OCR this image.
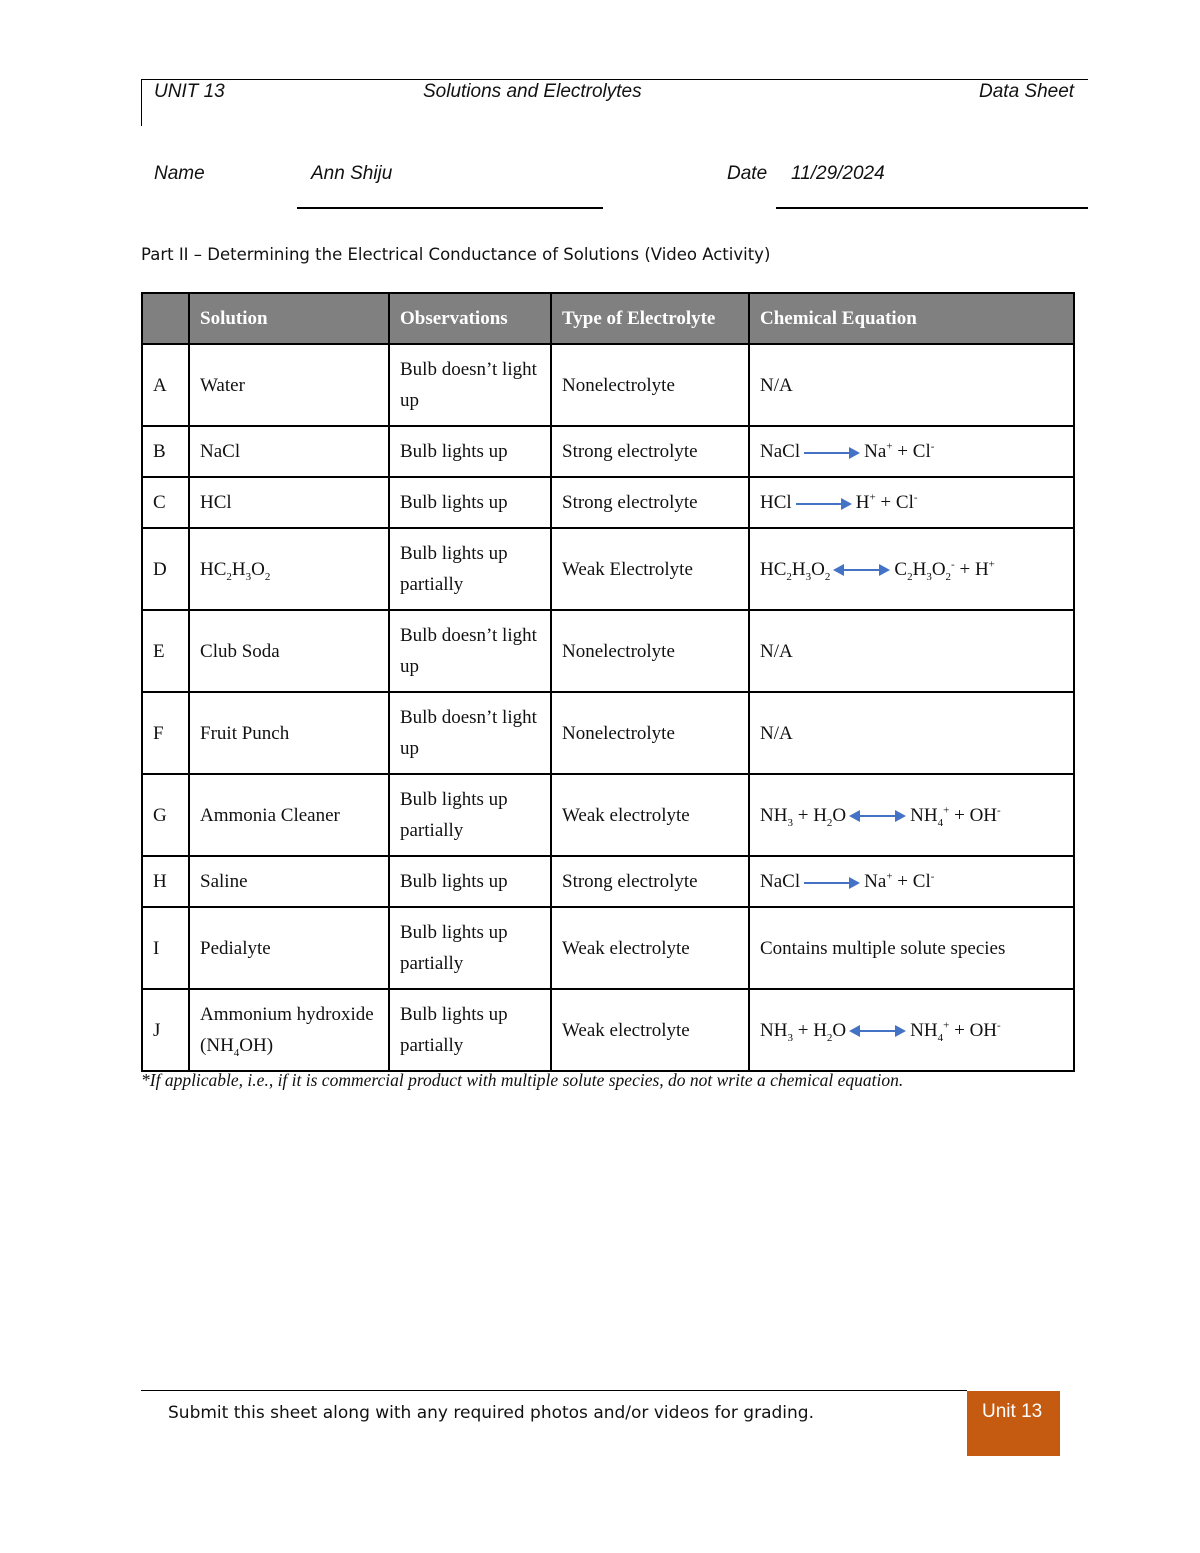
UNIT 13	Solutions and Electrolytes	Data Sheet
Name	Ann Shiju	Date 11/29/2024
Part II – Determining the Electrical Conductance of Solutions (Video Activity)
	Solution	Observations	Type of Electrolyte	Chemical Equation
A	Water	Bulb doesn’t light up	Nonelectrolyte	N/A
B	NaCl	Bulb lights up	Strong electrolyte	NaCl Na+ + Cl-
C	HCl	Bulb lights up	Strong electrolyte	HCl H+ + Cl-
D	$HC_2H_3O_2$	Bulb lights up partially	Weak Electrolyte	$HC_2H_3O_2$ $C_2H_3O_2^- + H^+$
E	Club Soda	Bulb doesn’t light up	Nonelectrolyte	N/A
F	Fruit Punch	Bulb doesn’t light up	Nonelectrolyte	N/A
G	Ammonia Cleaner	Bulb lights up partially	Weak electrolyte	$NH_3 + H_2O$ $NH_4^+ + OH^-$
H	Saline	Bulb lights up	Strong electrolyte	NaCl Na+ + Cl-
I	Pedialyte	Bulb lights up partially	Weak electrolyte	Contains multiple solute species
J	Ammonium hydroxide $(NH_4OH)$	Bulb lights up partially	Weak electrolyte	$NH_3 + H_2O$ $NH_4^+ + OH^-$
*If applicable, i.e., if it is commercial product with multiple solute species, do not write a chemical equation.
Submit this sheet along with any required photos and/or videos for grading.	Unit 13
